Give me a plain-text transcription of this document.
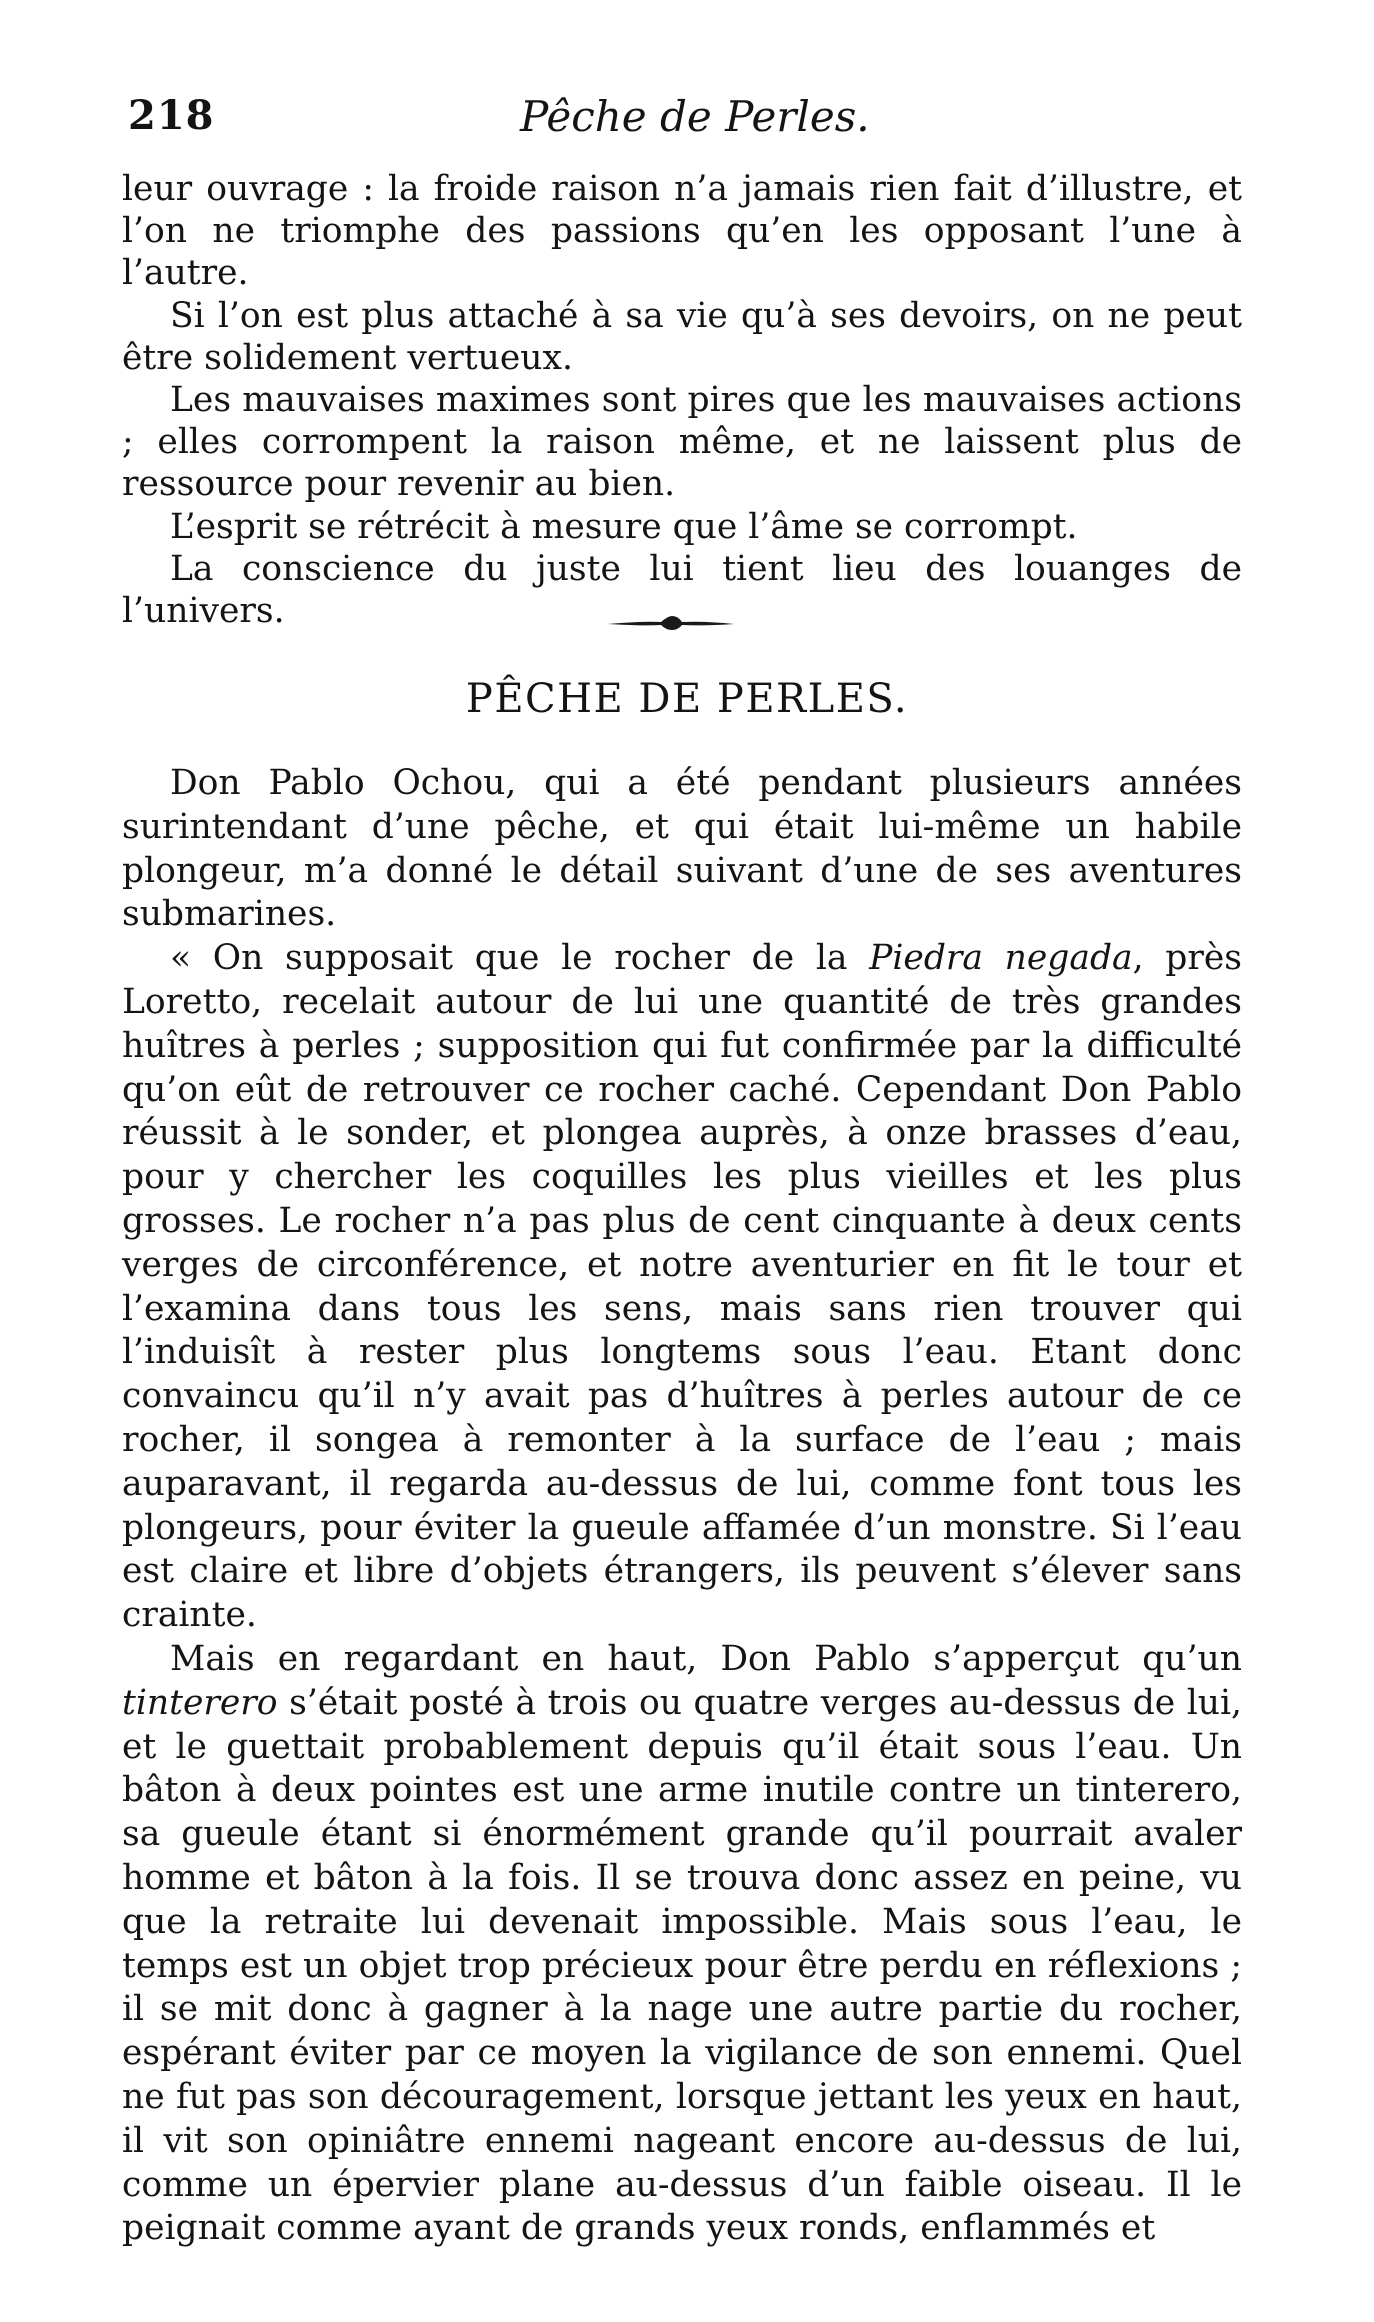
218	Pêche de Perles.

leur ouvrage : la froide raison n’a jamais rien fait d’illustre, et l’on ne triomphe des passions qu’en les opposant l’une à l’autre.

Si l’on est plus attaché à sa vie qu’à ses devoirs, on ne peut être solidement vertueux.

Les mauvaises maximes sont pires que les mauvaises actions ; elles corrompent la raison même, et ne laissent plus de ressource pour revenir au bien.

L’esprit se rétrécit à mesure que l’âme se corrompt.

La conscience du juste lui tient lieu des louanges de l’univers.

PÊCHE DE PERLES.

Don Pablo Ochou, qui a été pendant plusieurs années surintendant d’une pêche, et qui était lui-même un habile plongeur, m’a donné le détail suivant d’une de ses aventures submarines.

« On supposait que le rocher de la Piedra negada, près Loretto, recelait autour de lui une quantité de très grandes huîtres à perles ; supposition qui fut confirmée par la difficulté qu’on eût de retrouver ce rocher caché. Cependant Don Pablo réussit à le sonder, et plongea auprès, à onze brasses d’eau, pour y chercher les coquilles les plus vieilles et les plus grosses. Le rocher n’a pas plus de cent cinquante à deux cents verges de circonférence, et notre aventurier en fit le tour et l’examina dans tous les sens, mais sans rien trouver qui l’induisît à rester plus longtems sous l’eau. Etant donc convaincu qu’il n’y avait pas d’huîtres à perles autour de ce rocher, il songea à remonter à la surface de l’eau ; mais auparavant, il regarda au-dessus de lui, comme font tous les plongeurs, pour éviter la gueule affamée d’un monstre. Si l’eau est claire et libre d’objets étrangers, ils peuvent s’élever sans crainte.

Mais en regardant en haut, Don Pablo s’apperçut qu’un tinterero s’était posté à trois ou quatre verges au-dessus de lui, et le guettait probablement depuis qu’il était sous l’eau. Un bâton à deux pointes est une arme inutile contre un tinterero, sa gueule étant si énormément grande qu’il pourrait avaler homme et bâton à la fois. Il se trouva donc assez en peine, vu que la retraite lui devenait impossible. Mais sous l’eau, le temps est un objet trop précieux pour être perdu en réflexions ; il se mit donc à gagner à la nage une autre partie du rocher, espérant éviter par ce moyen la vigilance de son ennemi. Quel ne fut pas son découragement, lorsque jettant les yeux en haut, il vit son opiniâtre ennemi nageant encore au-dessus de lui, comme un épervier plane au-dessus d’un faible oiseau. Il le peignait comme ayant de grands yeux ronds, enflammés et
